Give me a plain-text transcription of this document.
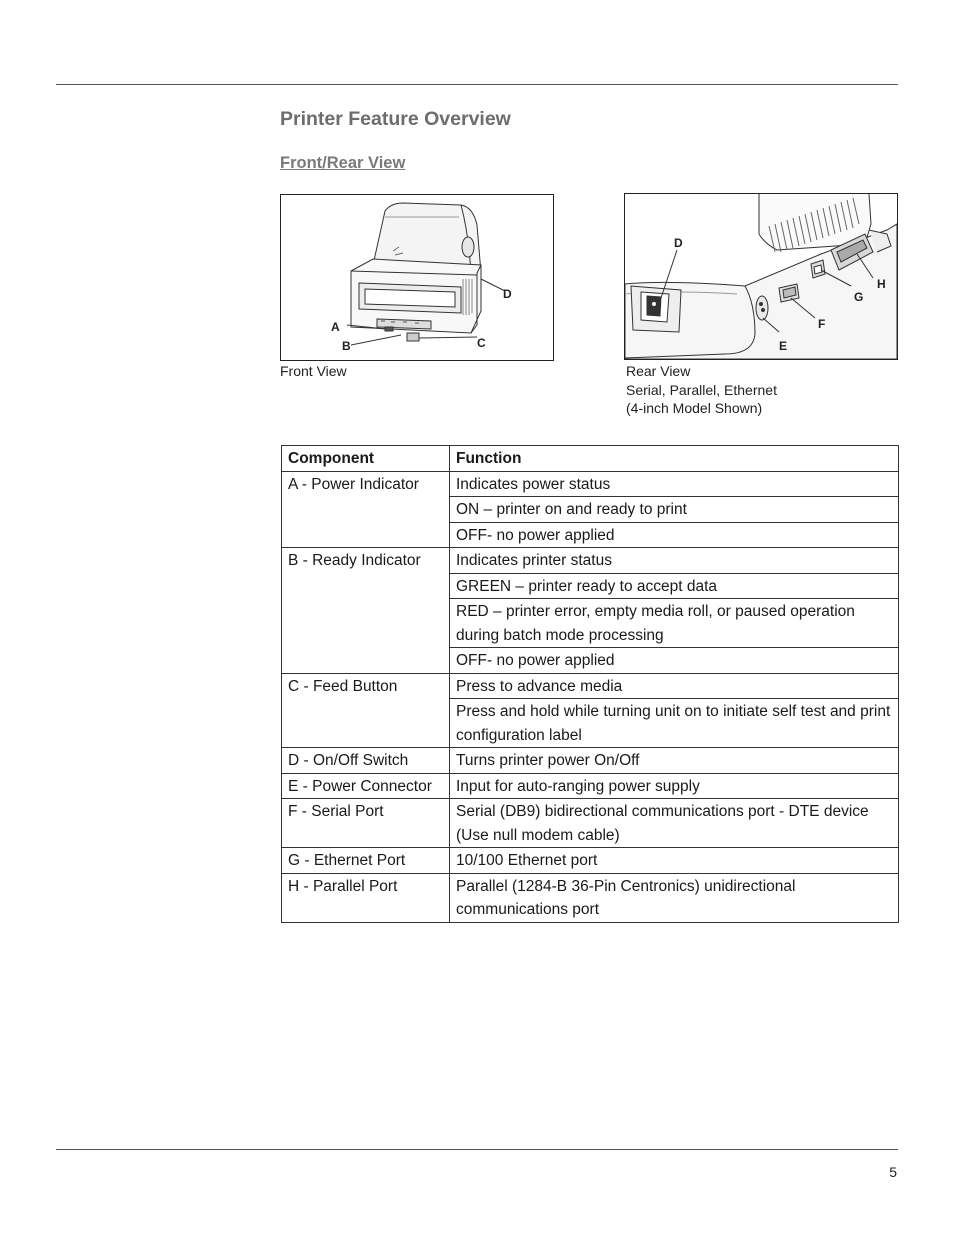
Printer Feature Overview
Front/Rear View
A
B	C
D
Front View
D
E
F
G
H
Rear View
Serial, Parallel, Ethernet
(4-inch Model Shown)
Component	Function
A - Power Indicator	Indicates power status
	ON – printer on and ready to print
	OFF- no power applied
B - Ready Indicator	Indicates printer status
	GREEN – printer ready to accept data
	RED – printer error, empty media roll, or paused operation during batch mode processing
	OFF- no power applied
C - Feed Button	Press to advance media
	Press and hold while turning unit on to initiate self test and print configuration label
D - On/Off Switch	Turns printer power On/Off
E - Power Connector	Input for auto-ranging power supply
F - Serial Port	Serial (DB9) bidirectional communications port - DTE device (Use null modem cable)
G - Ethernet Port	10/100 Ethernet port
H - Parallel Port	Parallel (1284-B 36-Pin Centronics) unidirectional communications port
5
